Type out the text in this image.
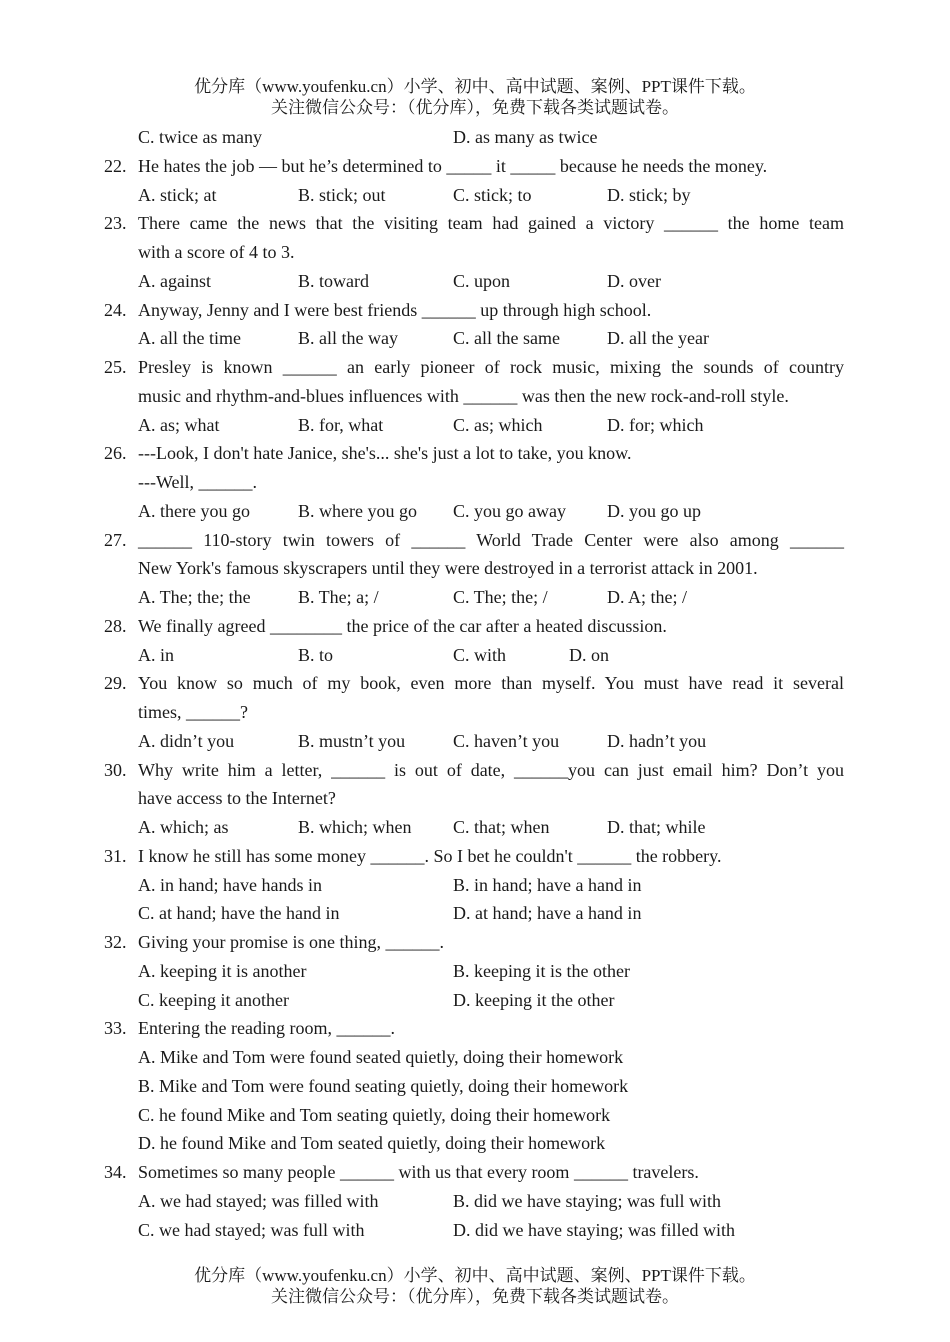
优分库（www.youfenku.cn）小学、初中、高中试题、案例、PPT课件下载。
关注微信公众号：（优分库），免费下载各类试题试卷。
C. twice as many	D. as many as twice
22. He hates the job — but he’s determined to _____ it _____ because he needs the money.
A. stick; at	B. stick; out	C. stick; to	D. stick; by
23. There came the news that the visiting team had gained a victory ______ the home team
with a score of 4 to 3.
A. against	B. toward	C. upon	D. over
24. Anyway, Jenny and I were best friends ______ up through high school.
A. all the time	B. all the way	C. all the same	D. all the year
25. Presley is known ______ an early pioneer of rock music, mixing the sounds of country
music and rhythm-and-blues influences with ______ was then the new rock-and-roll style.
A. as; what	B. for, what	C. as; which	D. for; which
26. ---Look, I don't hate Janice, she's... she's just a lot to take, you know.
---Well, ______.
A. there you go	B. where you go C. you go away D. you go up
27. ______ 110-story twin towers of ______ World Trade Center were also among ______
New York's famous skyscrapers until they were destroyed in a terrorist attack in 2001.
A. The; the; the	B. The; a; /	C. The; the; /	D. A; the; /
28. We finally agreed ________ the price of the car after a heated discussion.
A. in	B. to	C. with	D. on
29. You know so much of my book, even more than myself. You must have read it several
times, ______?
A. didn’t you	B. mustn’t you	C. haven’t you	D. hadn’t you
30. Why write him a letter, ______ is out of date, ______you can just email him? Don’t you
have access to the Internet?
A. which; as	B. which; when C. that; when	D. that; while
31. I know he still has some money ______. So I bet he couldn't ______ the robbery.
A. in hand; have hands in	B. in hand; have a hand in
C. at hand; have the hand in	D. at hand; have a hand in
32. Giving your promise is one thing, ______.
A. keeping it is another	B. keeping it is the other
C. keeping it another	D. keeping it the other
33. Entering the reading room, ______.
A. Mike and Tom were found seated quietly, doing their homework
B. Mike and Tom were found seating quietly, doing their homework
C. he found Mike and Tom seating quietly, doing their homework
D. he found Mike and Tom seated quietly, doing their homework
34. Sometimes so many people ______ with us that every room ______ travelers.
A. we had stayed; was filled with	B. did we have staying; was full with
C. we had stayed; was full with	D. did we have staying; was filled with
优分库（www.youfenku.cn）小学、初中、高中试题、案例、PPT课件下载。
关注微信公众号：（优分库），免费下载各类试题试卷。
